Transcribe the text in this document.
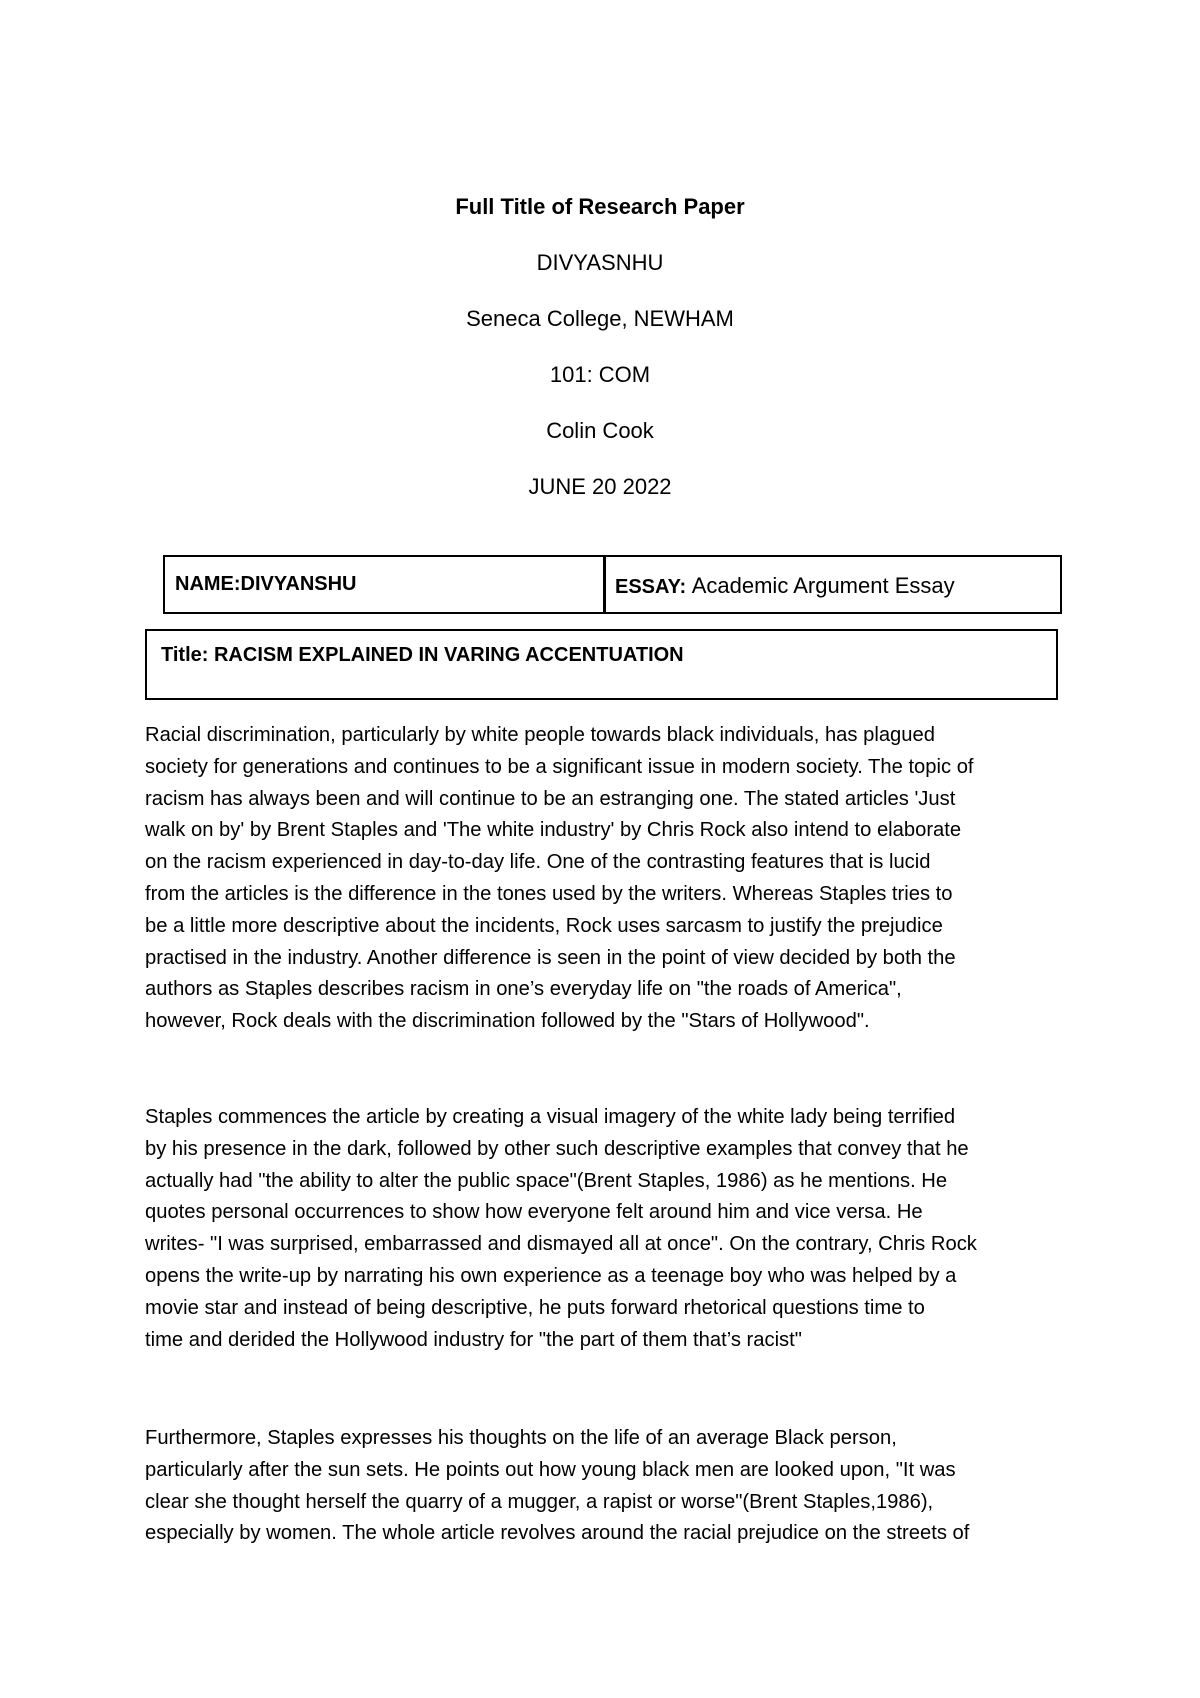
Full Title of Research Paper
DIVYASNHU
Seneca College, NEWHAM
101: COM
Colin Cook
JUNE 20 2022
NAME:DIVYANSHU	ESSAY: Academic Argument Essay
Title: RACISM EXPLAINED IN VARING ACCENTUATION
Racial discrimination, particularly by white people towards black individuals, has plagued
society for generations and continues to be a significant issue in modern society. The topic of
racism has always been and will continue to be an estranging one. The stated articles 'Just
walk on by' by Brent Staples and 'The white industry' by Chris Rock also intend to elaborate
on the racism experienced in day-to-day life. One of the contrasting features that is lucid
from the articles is the difference in the tones used by the writers. Whereas Staples tries to
be a little more descriptive about the incidents, Rock uses sarcasm to justify the prejudice
practised in the industry. Another difference is seen in the point of view decided by both the
authors as Staples describes racism in one’s everyday life on "the roads of America",
however, Rock deals with the discrimination followed by the "Stars of Hollywood".
Staples commences the article by creating a visual imagery of the white lady being terrified
by his presence in the dark, followed by other such descriptive examples that convey that he
actually had "the ability to alter the public space"(Brent Staples, 1986) as he mentions. He
quotes personal occurrences to show how everyone felt around him and vice versa. He
writes- "I was surprised, embarrassed and dismayed all at once". On the contrary, Chris Rock
opens the write-up by narrating his own experience as a teenage boy who was helped by a
movie star and instead of being descriptive, he puts forward rhetorical questions time to
time and derided the Hollywood industry for "the part of them that’s racist"
Furthermore, Staples expresses his thoughts on the life of an average Black person,
particularly after the sun sets. He points out how young black men are looked upon, "It was
clear she thought herself the quarry of a mugger, a rapist or worse"(Brent Staples,1986),
especially by women. The whole article revolves around the racial prejudice on the streets of
